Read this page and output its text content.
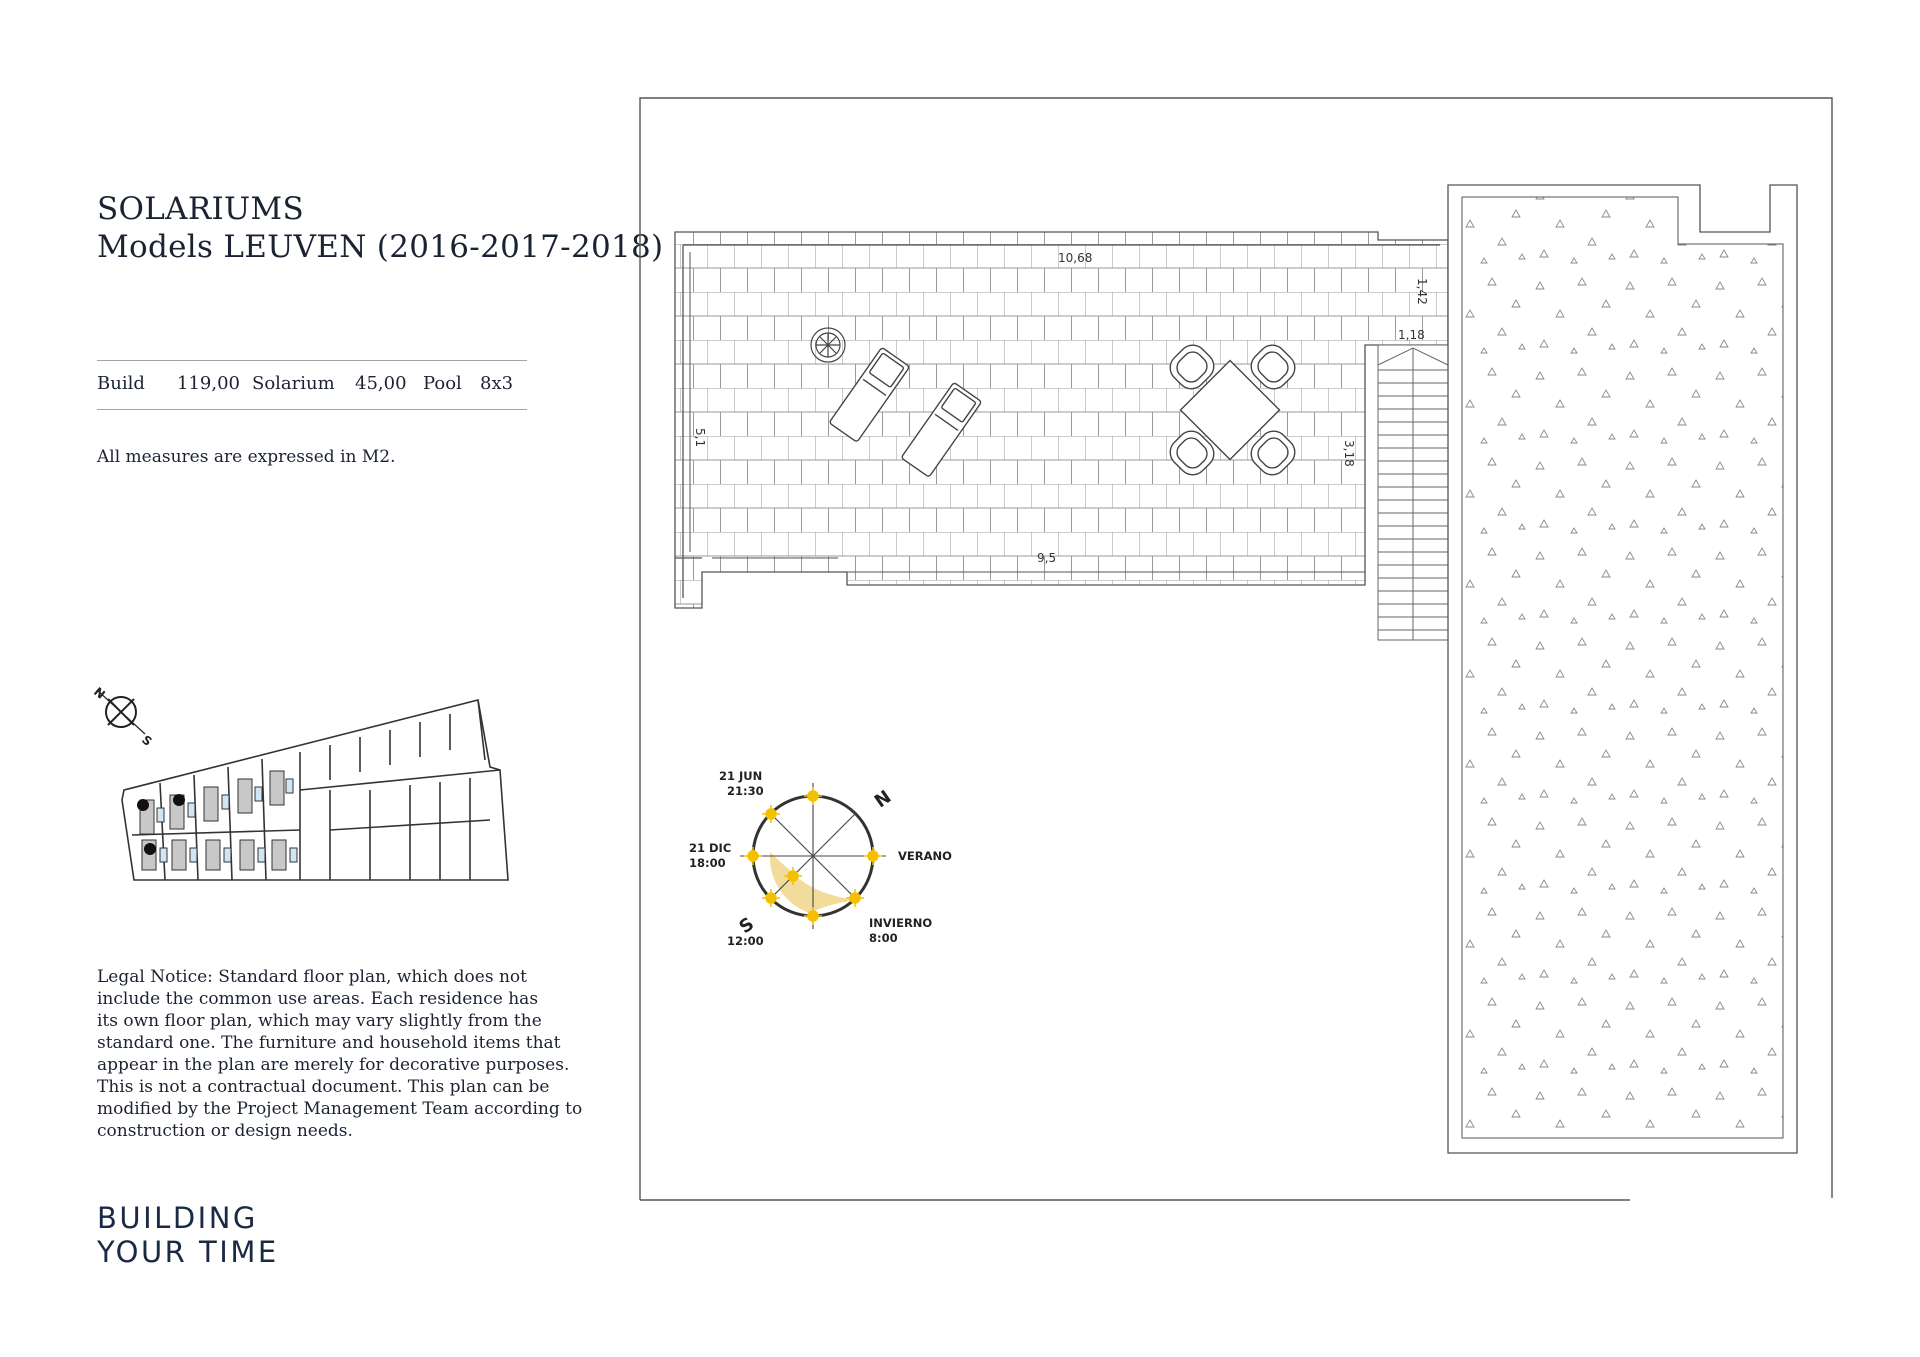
SOLARIUMS
Models LEUVEN (2016-2017-2018)
Build 119,00 Solarium 45,00 Pool 8x3
All measures are expressed in M2.
Legal Notice: Standard floor plan, which does not
include the common use areas. Each residence has
its own floor plan, which may vary slightly from the
standard one. The furniture and household items that
appear in the plan are merely for decorative purposes.
This is not a contractual document. This plan can be
modified by the Project Management Team according to
construction or design needs.
BUILDING
YOUR TIME
10,68
9,5
5,1
3,18
1,42
1,18
N
S
N
S
21 JUN
21:30
21 DIC
18:00
12:00
VERANO
INVIERNO
8:00
